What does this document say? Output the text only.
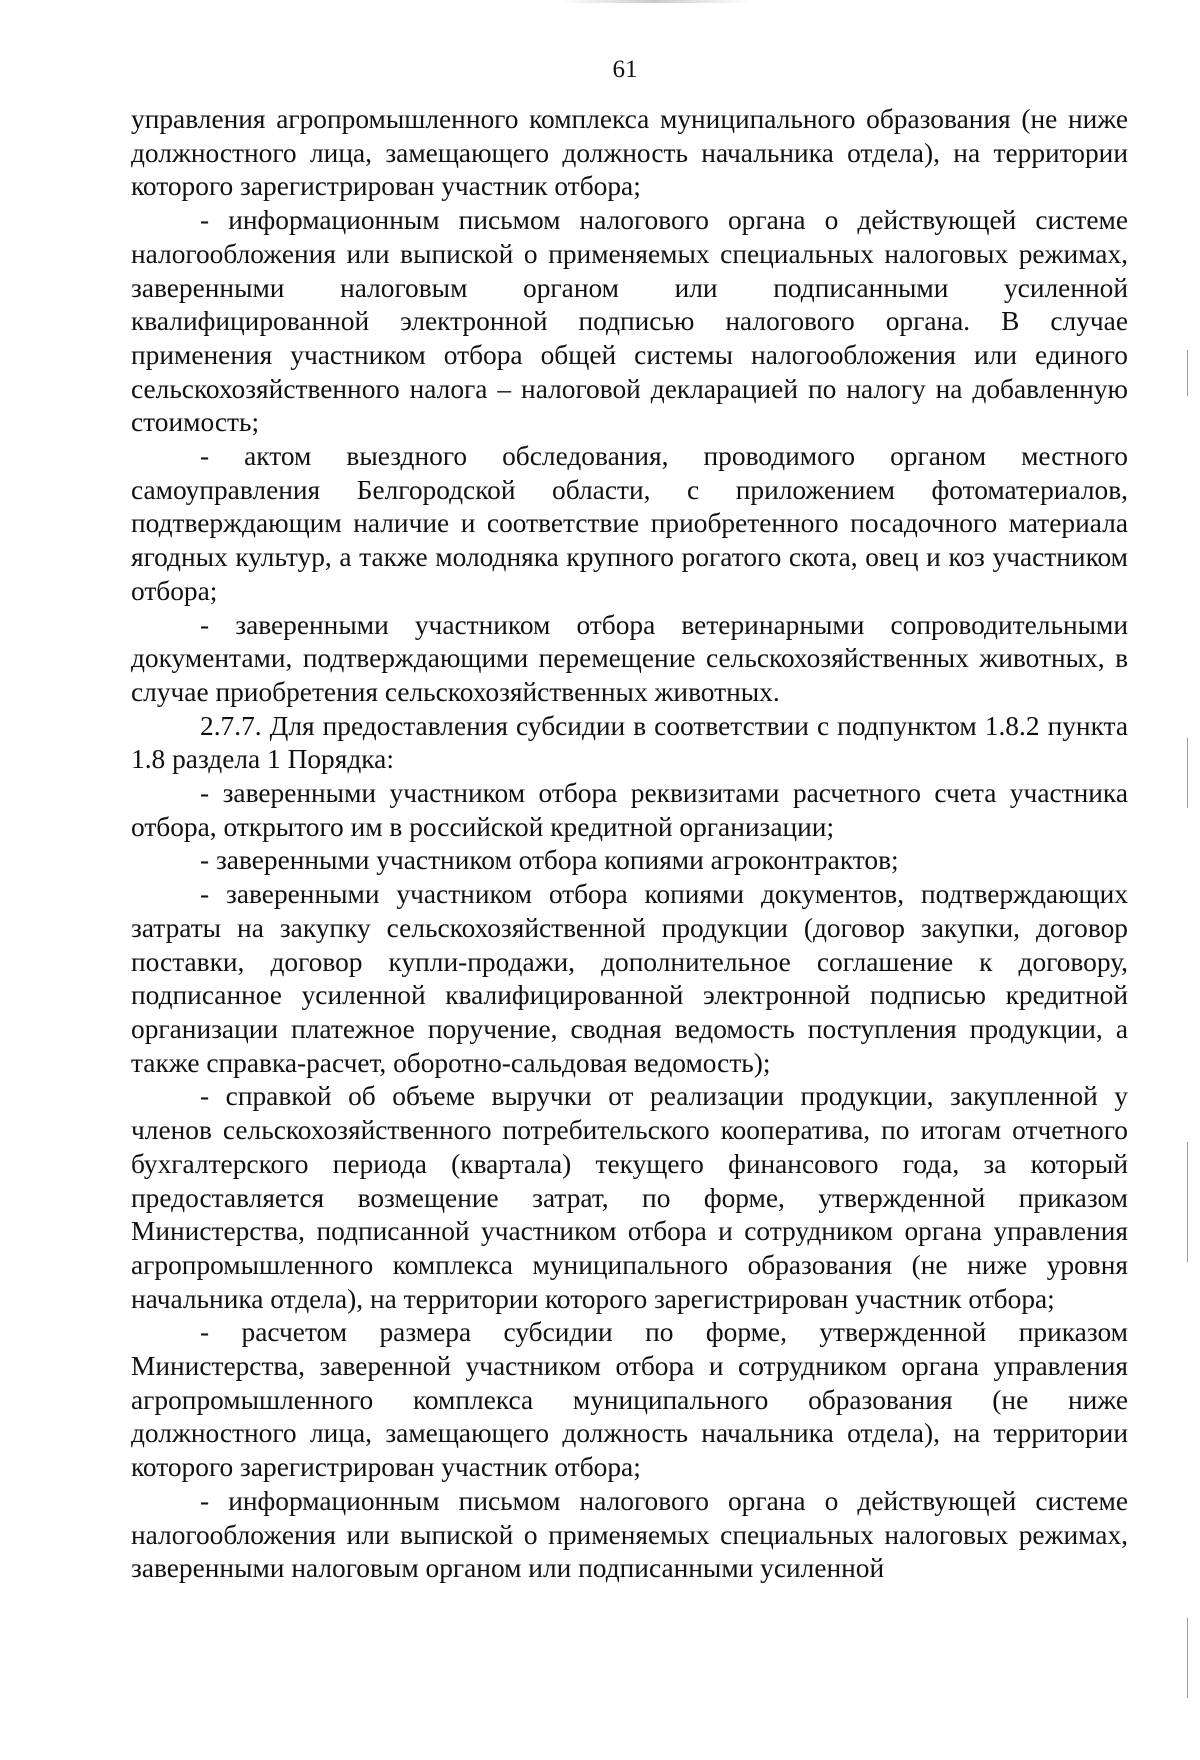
61

управления агропромышленного комплекса муниципального образования (не ниже должностного лица, замещающего должность начальника отдела), на территории которого зарегистрирован участник отбора;

- информационным письмом налогового органа о действующей системе налогообложения или выпиской о применяемых специальных налоговых режимах, заверенными налоговым органом или подписанными усиленной квалифицированной электронной подписью налогового органа. В случае применения участником отбора общей системы налогообложения или единого сельскохозяйственного налога – налоговой декларацией по налогу на добавленную стоимость;

- актом выездного обследования, проводимого органом местного самоуправления Белгородской области, с приложением фотоматериалов, подтверждающим наличие и соответствие приобретенного посадочного материала ягодных культур, а также молодняка крупного рогатого скота, овец и коз участником отбора;

- заверенными участником отбора ветеринарными сопроводительными документами, подтверждающими перемещение сельскохозяйственных животных, в случае приобретения сельскохозяйственных животных.

2.7.7. Для предоставления субсидии в соответствии с подпунктом 1.8.2 пункта 1.8 раздела 1 Порядка:

- заверенными участником отбора реквизитами расчетного счета участника отбора, открытого им в российской кредитной организации;

- заверенными участником отбора копиями агроконтрактов;

- заверенными участником отбора копиями документов, подтверждающих затраты на закупку сельскохозяйственной продукции (договор закупки, договор поставки, договор купли-продажи, дополнительное соглашение к договору, подписанное усиленной квалифицированной электронной подписью кредитной организации платежное поручение, сводная ведомость поступления продукции, а также справка-расчет, оборотно-сальдовая ведомость);

- справкой об объеме выручки от реализации продукции, закупленной у членов сельскохозяйственного потребительского кооператива, по итогам отчетного бухгалтерского периода (квартала) текущего финансового года, за который предоставляется возмещение затрат, по форме, утвержденной приказом Министерства, подписанной участником отбора и сотрудником органа управления агропромышленного комплекса муниципального образования (не ниже уровня начальника отдела), на территории которого зарегистрирован участник отбора;

- расчетом размера субсидии по форме, утвержденной приказом Министерства, заверенной участником отбора и сотрудником органа управления агропромышленного комплекса муниципального образования (не ниже должностного лица, замещающего должность начальника отдела), на территории которого зарегистрирован участник отбора;

- информационным письмом налогового органа о действующей системе налогообложения или выпиской о применяемых специальных налоговых режимах, заверенными налоговым органом или подписанными усиленной
